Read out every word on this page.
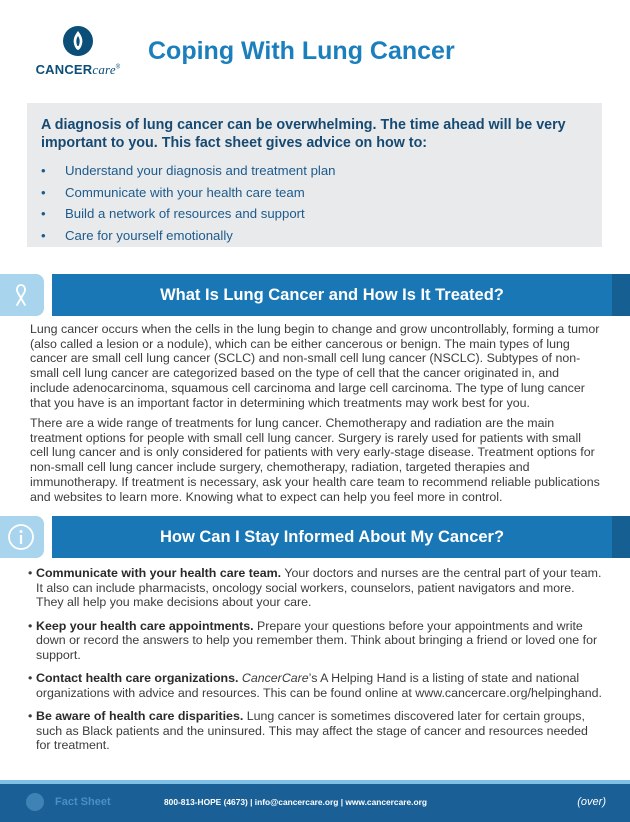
CANCERcare®
Coping With Lung Cancer

A diagnosis of lung cancer can be overwhelming. The time ahead will be very important to you. This fact sheet gives advice on how to:

• Understand your diagnosis and treatment plan
• Communicate with your health care team
• Build a network of resources and support
• Care for yourself emotionally
What Is Lung Cancer and How Is It Treated?

Lung cancer occurs when the cells in the lung begin to change and grow uncontrollably, forming a tumor (also called a lesion or a nodule), which can be either cancerous or benign. The main types of lung cancer are small cell lung cancer (SCLC) and non-small cell lung cancer (NSCLC). Subtypes of non-small cell lung cancer are categorized based on the type of cell that the cancer originated in, and include adenocarcinoma, squamous cell carcinoma and large cell carcinoma. The type of lung cancer that you have is an important factor in determining which treatments may work best for you.

There are a wide range of treatments for lung cancer. Chemotherapy and radiation are the main treatment options for people with small cell lung cancer. Surgery is rarely used for patients with small cell lung cancer and is only considered for patients with very early-stage disease. Treatment options for non-small cell lung cancer include surgery, chemotherapy, radiation, targeted therapies and immunotherapy. If treatment is necessary, ask your health care team to recommend reliable publications and websites to learn more. Knowing what to expect can help you feel more in control.

How Can I Stay Informed About My Cancer?
• Communicate with your health care team. Your doctors and nurses are the central part of your team. It also can include pharmacists, oncology social workers, counselors, patient navigators and more. They all help you make decisions about your care.
• Keep your health care appointments. Prepare your questions before your appointments and write down or record the answers to help you remember them. Think about bringing a friend or loved one for support.
• Contact health care organizations. CancerCare’s A Helping Hand is a listing of state and national organizations with advice and resources. This can be found online at www.cancercare.org/helpinghand.
• Be aware of health care disparities. Lung cancer is sometimes discovered later for certain groups, such as Black patients and the uninsured. This may affect the stage of cancer and resources needed for treatment.
Fact Sheet	800-813-HOPE (4673) | info@cancercare.org | www.cancercare.org	(over)
